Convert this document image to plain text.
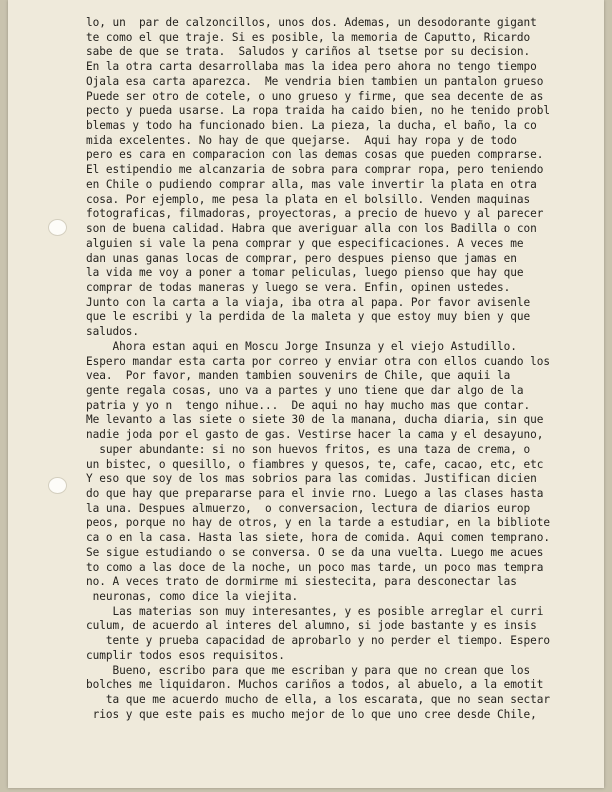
lo, un  par de calzoncillos, unos dos. Ademas, un desodorante gigant
te como el que traje. Si es posible, la memoria de Caputto, Ricardo
sabe de que se trata.  Saludos y cariños al tsetse por su decision.
En la otra carta desarrollaba mas la idea pero ahora no tengo tiempo
Ojala esa carta aparezca.  Me vendria bien tambien un pantalon grueso
Puede ser otro de cotele, o uno grueso y firme, que sea decente de as
pecto y pueda usarse. La ropa traida ha caido bien, no he tenido probl
blemas y todo ha funcionado bien. La pieza, la ducha, el baño, la co
mida excelentes. No hay de que quejarse.  Aqui hay ropa y de todo
pero es cara en comparacion con las demas cosas que pueden comprarse.
El estipendio me alcanzaria de sobra para comprar ropa, pero teniendo
en Chile o pudiendo comprar alla, mas vale invertir la plata en otra
cosa. Por ejemplo, me pesa la plata en el bolsillo. Venden maquinas
fotograficas, filmadoras, proyectoras, a precio de huevo y al parecer
son de buena calidad. Habra que averiguar alla con los Badilla o con
alguien si vale la pena comprar y que especificaciones. A veces me
dan unas ganas locas de comprar, pero despues pienso que jamas en
la vida me voy a poner a tomar peliculas, luego pienso que hay que
comprar de todas maneras y luego se vera. Enfin, opinen ustedes.
Junto con la carta a la viaja, iba otra al papa. Por favor avisenle
que le escribi y la perdida de la maleta y que estoy muy bien y que
saludos.
Ahora estan aqui en Moscu Jorge Insunza y el viejo Astudillo.
Espero mandar esta carta por correo y enviar otra con ellos cuando los
vea.  Por favor, manden tambien souvenirs de Chile, que aquii la
gente regala cosas, uno va a partes y uno tiene que dar algo de la
patria y yo n  tengo nihue...  De aqui no hay mucho mas que contar.
Me levanto a las siete o siete 30 de la manana, ducha diaria, sin que
nadie joda por el gasto de gas. Vestirse hacer la cama y el desayuno,
super abundante: si no son huevos fritos, es una taza de crema, o
un bistec, o quesillo, o fiambres y quesos, te, cafe, cacao, etc, etc
Y eso que soy de los mas sobrios para las comidas. Justifican dicien
do que hay que prepararse para el invie rno. Luego a las clases hasta
la una. Despues almuerzo,  o conversacion, lectura de diarios europ
peos, porque no hay de otros, y en la tarde a estudiar, en la bibliote
ca o en la casa. Hasta las siete, hora de comida. Aqui comen temprano.
Se sigue estudiando o se conversa. O se da una vuelta. Luego me acues
to como a las doce de la noche, un poco mas tarde, un poco mas tempra
no. A veces trato de dormirme mi siestecita, para desconectar las
neuronas, como dice la viejita.
Las materias son muy interesantes, y es posible arreglar el curri
culum, de acuerdo al interes del alumno, si jode bastante y es insis
tente y prueba capacidad de aprobarlo y no perder el tiempo. Espero
cumplir todos esos requisitos.
Bueno, escribo para que me escriban y para que no crean que los
bolches me liquidaron. Muchos cariños a todos, al abuelo, a la emotit
ta que me acuerdo mucho de ella, a los escarata, que no sean sectar
rios y que este pais es mucho mejor de lo que uno cree desde Chile,
